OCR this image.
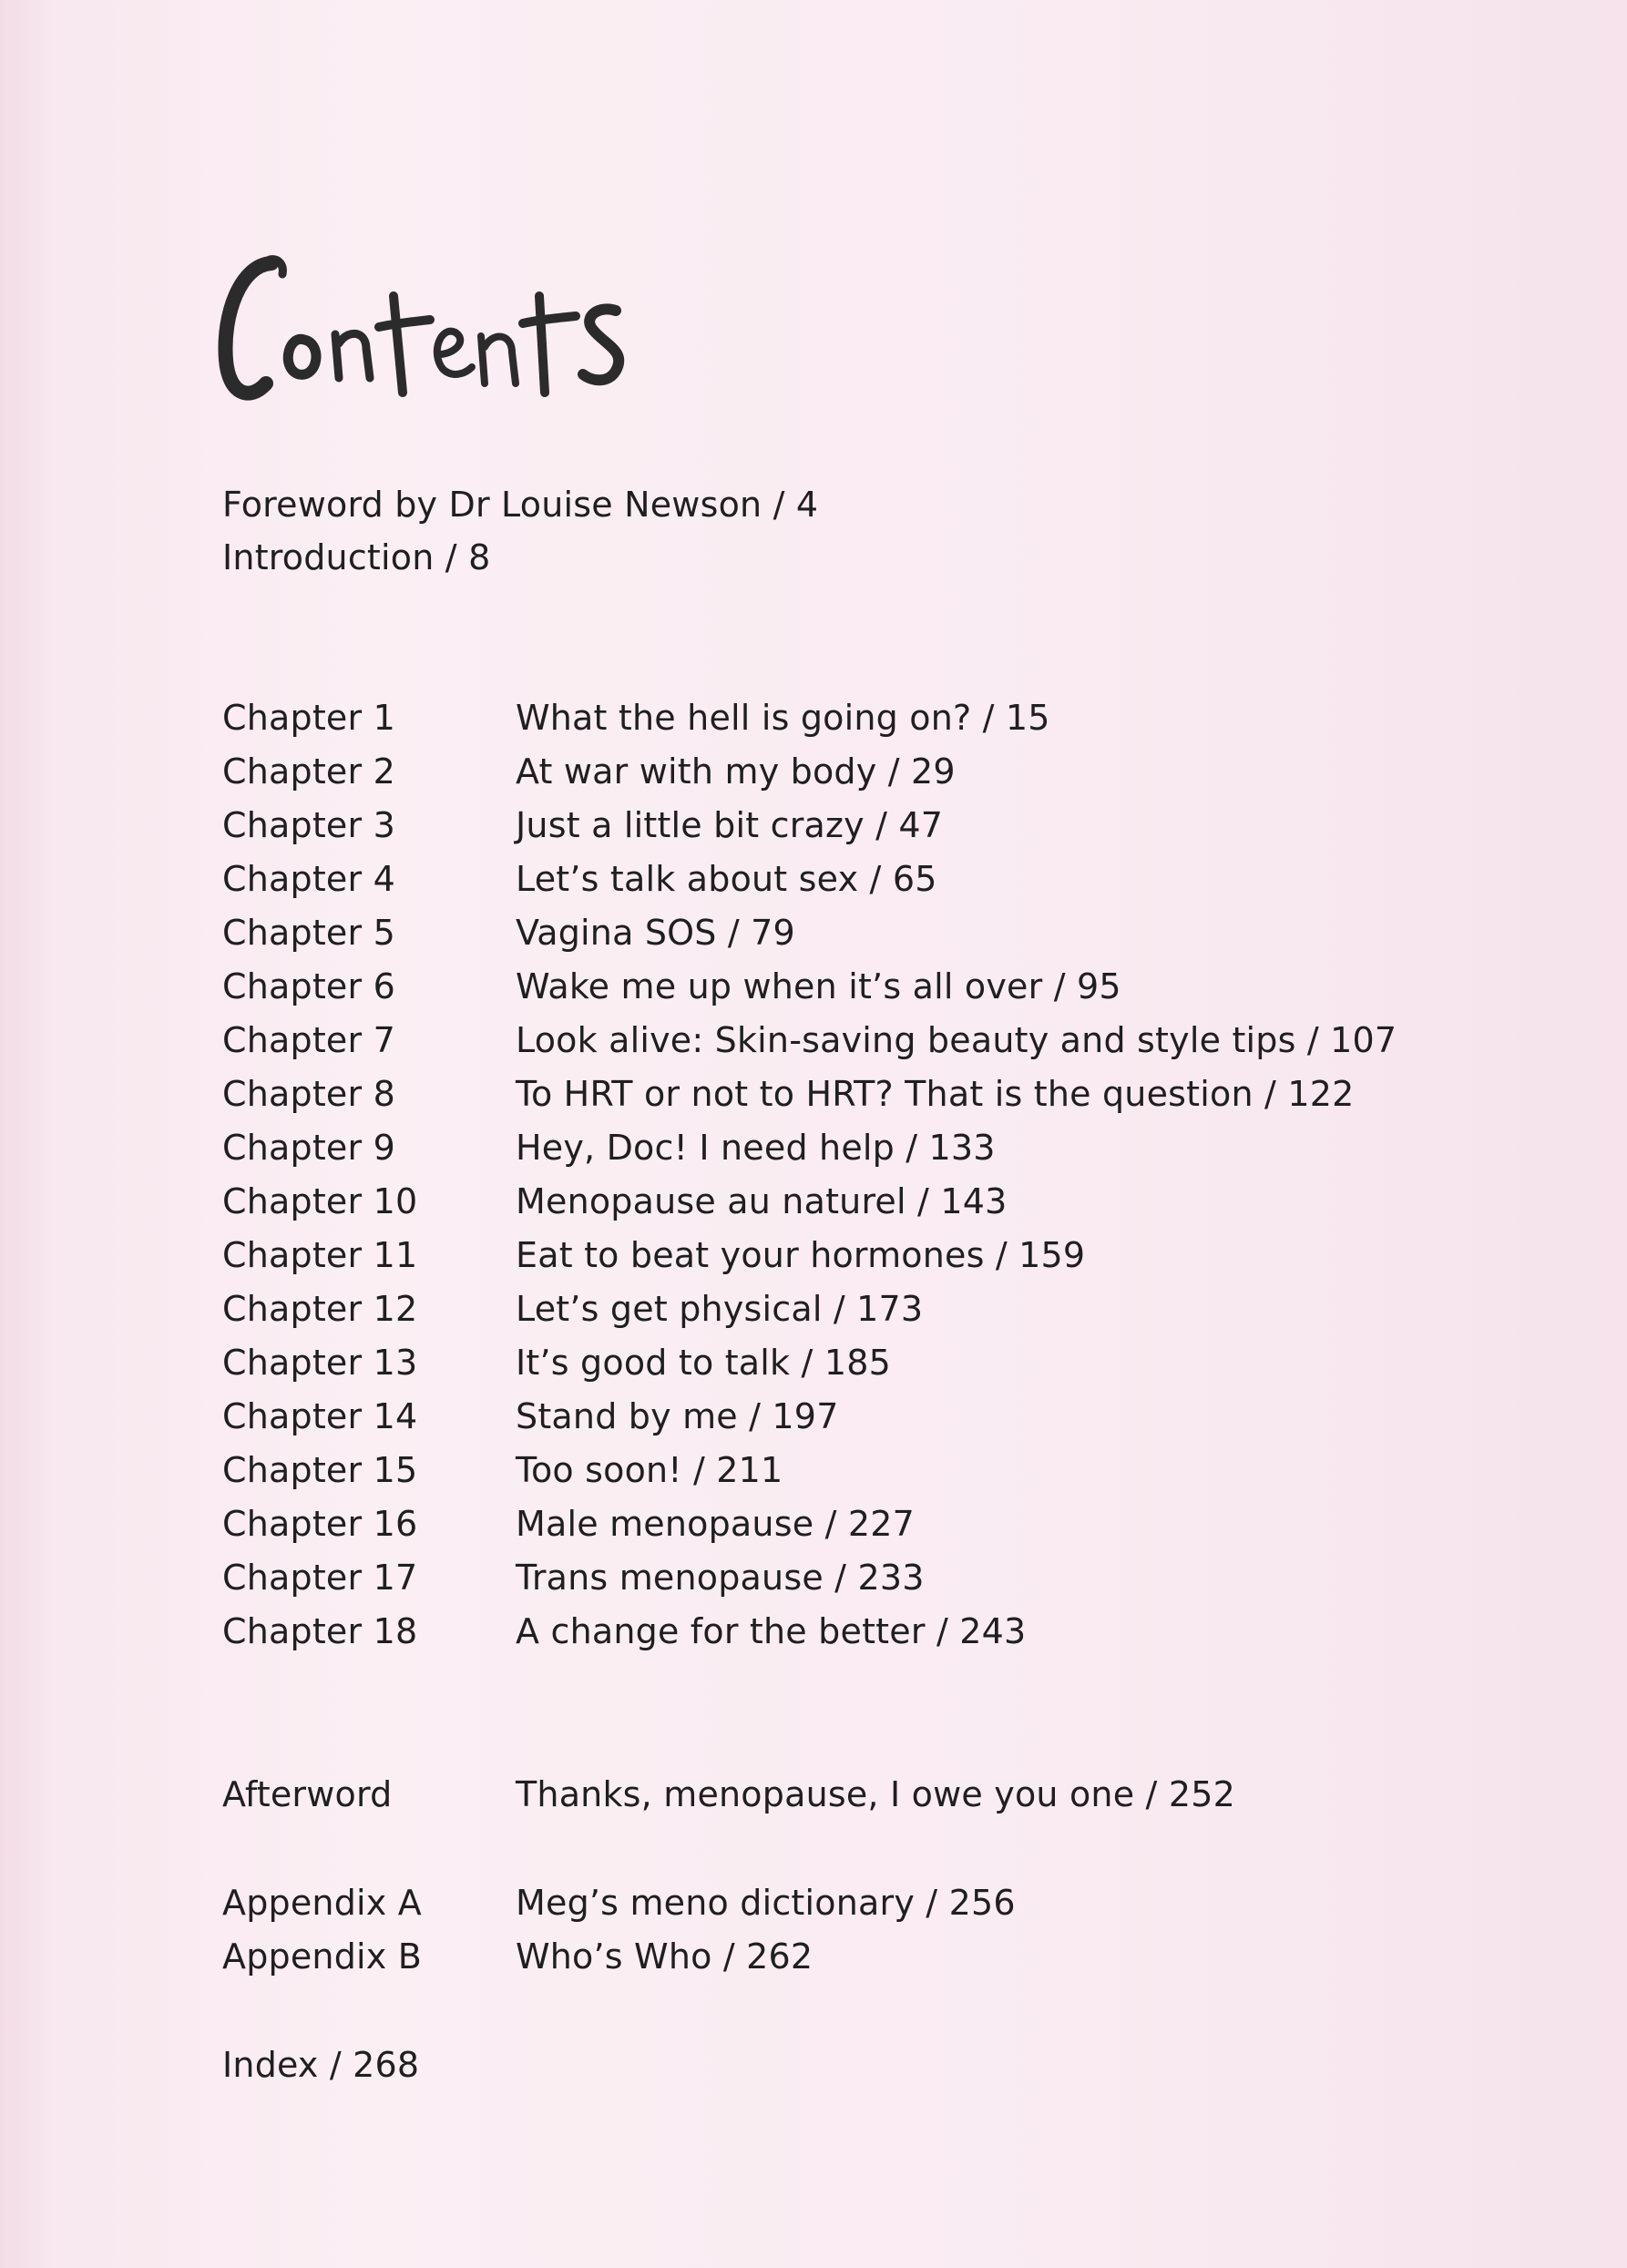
Foreword by Dr Louise Newson / 4
Introduction / 8
Chapter 1	What the hell is going on? / 15
Chapter 2	At war with my body / 29
Chapter 3	Just a little bit crazy / 47
Chapter 4	Let’s talk about sex / 65
Chapter 5	Vagina SOS / 79
Chapter 6	Wake me up when it’s all over / 95
Chapter 7	Look alive: Skin-saving beauty and style tips / 107
Chapter 8	To HRT or not to HRT? That is the question / 122
Chapter 9	Hey, Doc! I need help / 133
Chapter 10	Menopause au naturel / 143
Chapter 11	Eat to beat your hormones / 159
Chapter 12	Let’s get physical / 173
Chapter 13	It’s good to talk / 185
Chapter 14	Stand by me / 197
Chapter 15	Too soon! / 211
Chapter 16	Male menopause / 227
Chapter 17	Trans menopause / 233
Chapter 18	A change for the better / 243
Afterword	Thanks, menopause, I owe you one / 252
Appendix A	Meg’s meno dictionary / 256
Appendix B	Who’s Who / 262
Index / 268
